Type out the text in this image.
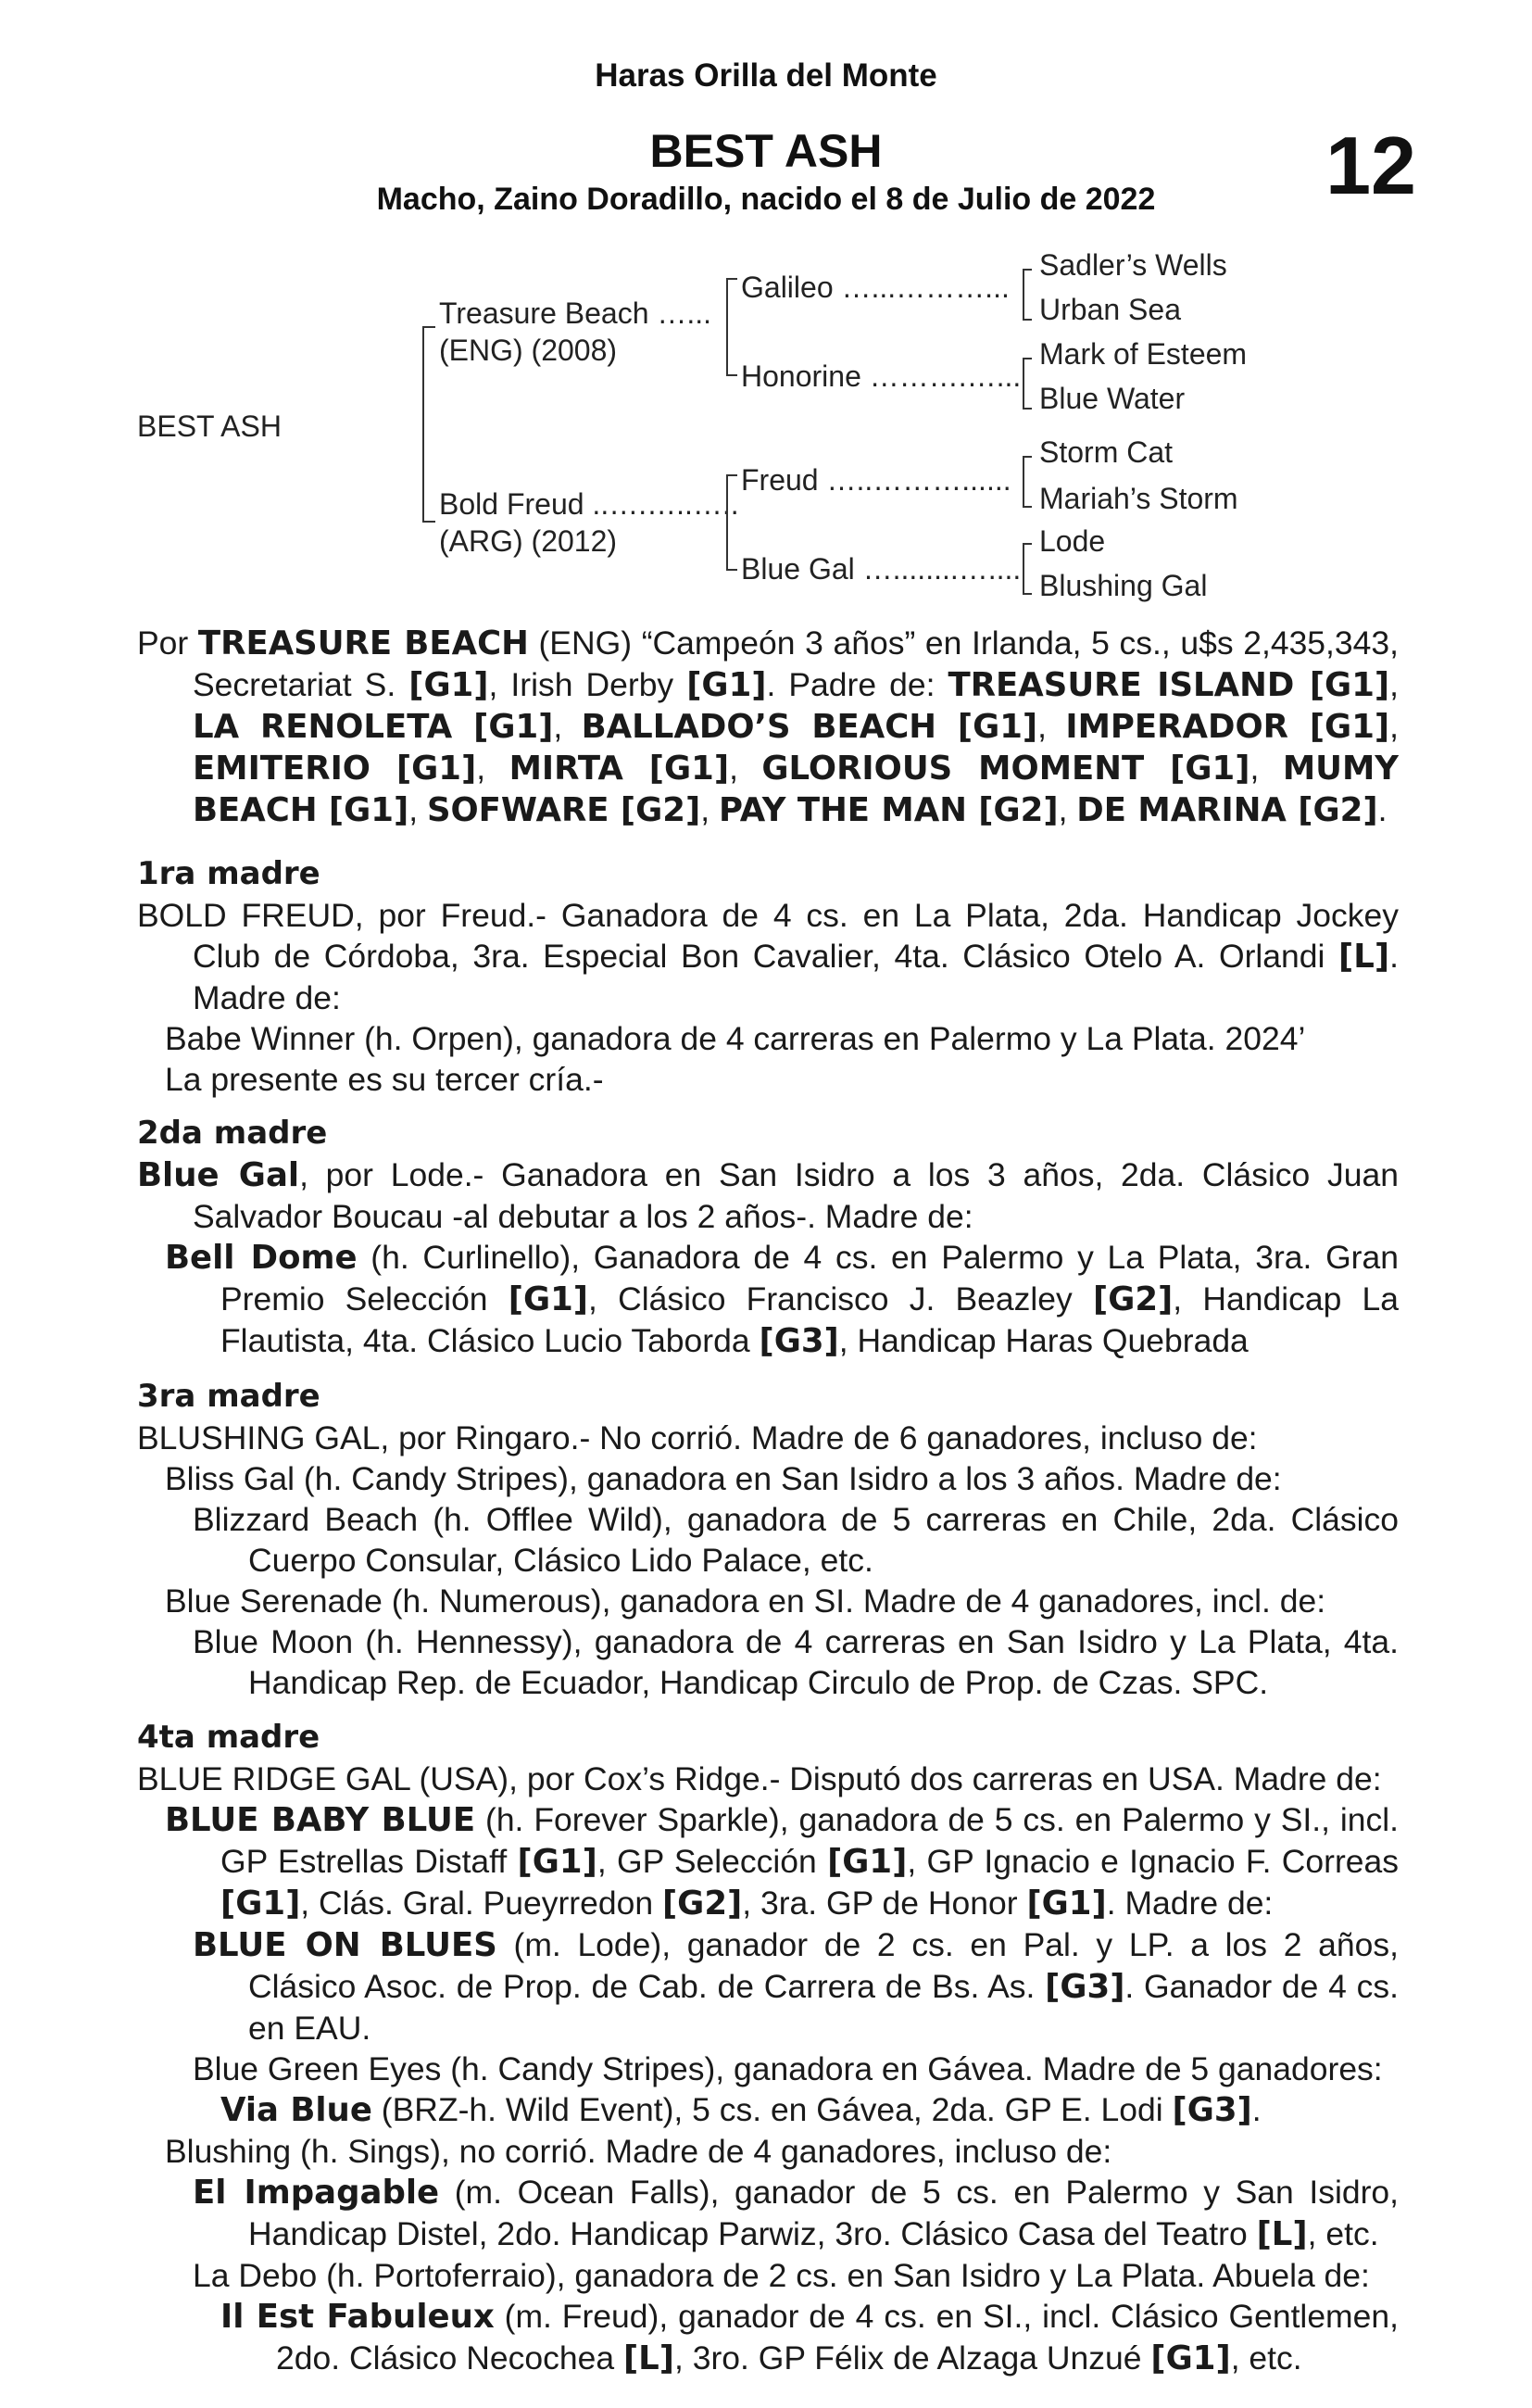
Haras Orilla del Monte
BEST ASH
Macho, Zaino Doradillo, nacido el 8 de Julio de 2022	12
BEST ASH
Treasure Beach …...
(ENG) (2008)
Bold Freud ..….…..…..
(ARG) (2012)
Galileo …...………...
Honorine ……….…...
Freud …..………......
Blue Gal …........…....
Sadler’s Wells
Urban Sea
Mark of Esteem
Blue Water
Storm Cat
Mariah’s Storm
Lode
Blushing Gal

Por TREASURE BEACH (ENG) “Campeón 3 años” en Irlanda, 5 cs., u$s 2,435,343, Secretariat S. [G1], Irish Derby [G1]. Padre de: TREASURE ISLAND [G1], LA RENOLETA [G1], BALLADO’S BEACH [G1], IMPERADOR [G1], EMITERIO [G1], MIRTA [G1], GLORIOUS MOMENT [G1], MUMY BEACH [G1], SOFWARE [G2], PAY THE MAN [G2], DE MARINA [G2].

1ra madre

BOLD FREUD, por Freud.- Ganadora de 4 cs. en La Plata, 2da. Handicap Jockey Club de Córdoba, 3ra. Especial Bon Cavalier, 4ta. Clásico Otelo A. Orlandi [L]. Madre de:

Babe Winner (h. Orpen), ganadora de 4 carreras en Palermo y La Plata. 2024’

La presente es su tercer cría.-

2da madre

Blue Gal, por Lode.- Ganadora en San Isidro a los 3 años, 2da. Clásico Juan Salvador Boucau -al debutar a los 2 años-. Madre de:

Bell Dome (h. Curlinello), Ganadora de 4 cs. en Palermo y La Plata, 3ra. Gran Premio Selección [G1], Clásico Francisco J. Beazley [G2], Handicap La Flautista, 4ta. Clásico Lucio Taborda [G3], Handicap Haras Quebrada

3ra madre

BLUSHING GAL, por Ringaro.- No corrió. Madre de 6 ganadores, incluso de:

Bliss Gal (h. Candy Stripes), ganadora en San Isidro a los 3 años. Madre de:

Blizzard Beach (h. Offlee Wild), ganadora de 5 carreras en Chile, 2da. Clásico Cuerpo Consular, Clásico Lido Palace, etc.

Blue Serenade (h. Numerous), ganadora en SI. Madre de 4 ganadores, incl. de:

Blue Moon (h. Hennessy), ganadora de 4 carreras en San Isidro y La Plata, 4ta. Handicap Rep. de Ecuador, Handicap Circulo de Prop. de Czas. SPC.

4ta madre

BLUE RIDGE GAL (USA), por Cox’s Ridge.- Disputó dos carreras en USA. Madre de:

BLUE BABY BLUE (h. Forever Sparkle), ganadora de 5 cs. en Palermo y SI., incl. GP Estrellas Distaff [G1], GP Selección [G1], GP Ignacio e Ignacio F. Correas [G1], Clás. Gral. Pueyrredon [G2], 3ra. GP de Honor [G1]. Madre de:

BLUE ON BLUES (m. Lode), ganador de 2 cs. en Pal. y LP. a los 2 años, Clásico Asoc. de Prop. de Cab. de Carrera de Bs. As. [G3]. Ganador de 4 cs. en EAU.

Blue Green Eyes (h. Candy Stripes), ganadora en Gávea. Madre de 5 ganadores:

Via Blue (BRZ-h. Wild Event), 5 cs. en Gávea, 2da. GP E. Lodi [G3].

Blushing (h. Sings), no corrió. Madre de 4 ganadores, incluso de:

El Impagable (m. Ocean Falls), ganador de 5 cs. en Palermo y San Isidro, Handicap Distel, 2do. Handicap Parwiz, 3ro. Clásico Casa del Teatro [L], etc.

La Debo (h. Portoferraio), ganadora de 2 cs. en San Isidro y La Plata. Abuela de:

Il Est Fabuleux (m. Freud), ganador de 4 cs. en SI., incl. Clásico Gentlemen, 2do. Clásico Necochea [L], 3ro. GP Félix de Alzaga Unzué [G1], etc.
